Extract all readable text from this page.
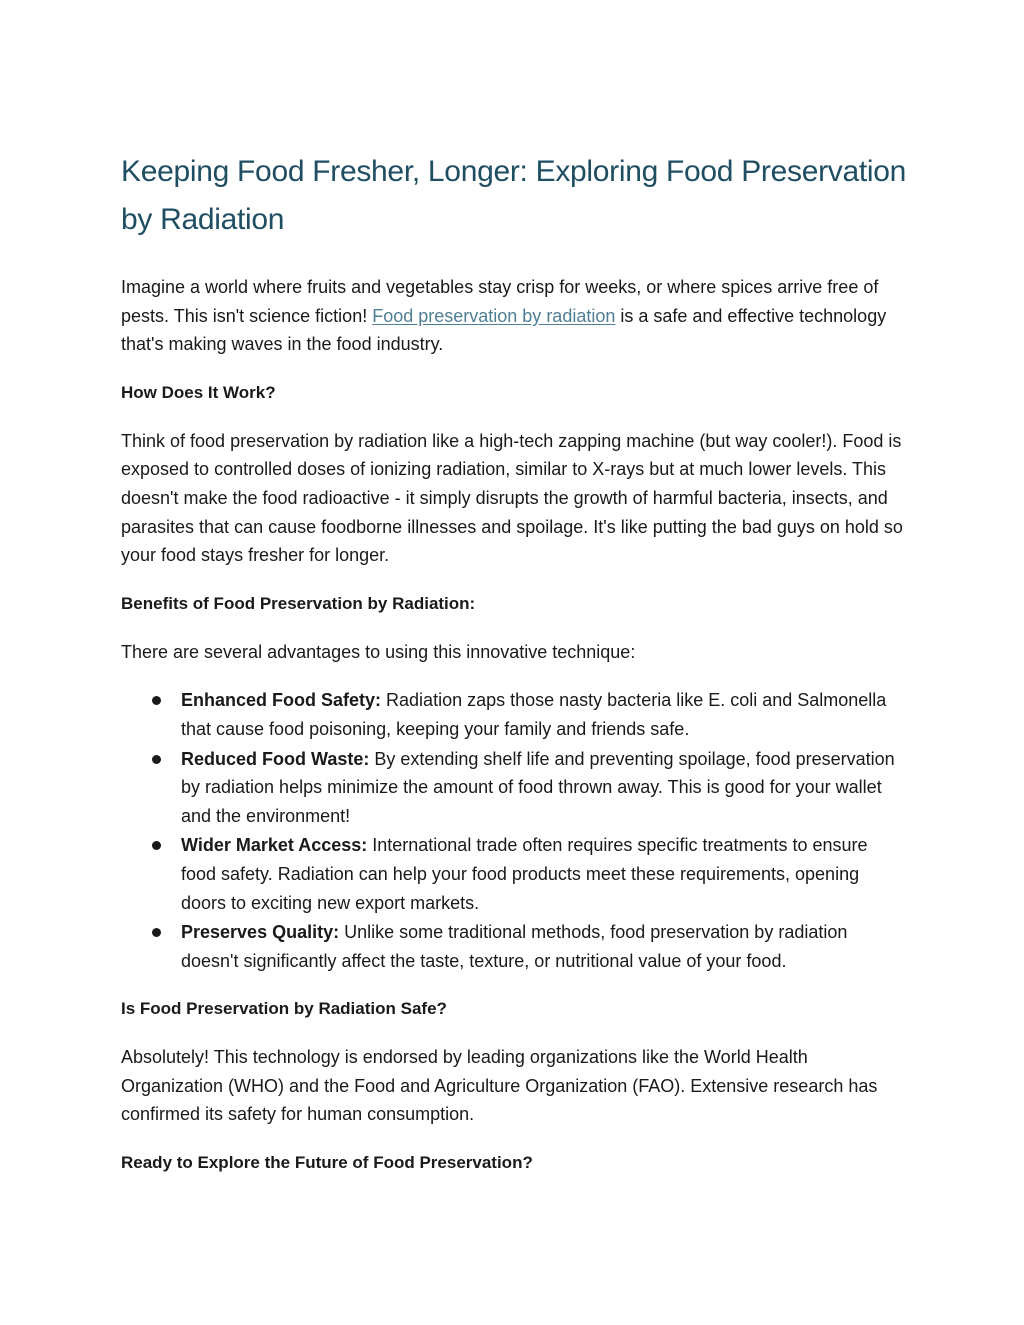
Keeping Food Fresher, Longer: Exploring Food Preservation by Radiation

Imagine a world where fruits and vegetables stay crisp for weeks, or where spices arrive free of pests. This isn't science fiction! Food preservation by radiation is a safe and effective technology that's making waves in the food industry.

How Does It Work?

Think of food preservation by radiation like a high-tech zapping machine (but way cooler!). Food is exposed to controlled doses of ionizing radiation, similar to X-rays but at much lower levels. This doesn't make the food radioactive - it simply disrupts the growth of harmful bacteria, insects, and parasites that can cause foodborne illnesses and spoilage. It's like putting the bad guys on hold so your food stays fresher for longer.

Benefits of Food Preservation by Radiation:

There are several advantages to using this innovative technique:

Enhanced Food Safety: Radiation zaps those nasty bacteria like E. coli and Salmonella that cause food poisoning, keeping your family and friends safe.
Reduced Food Waste: By extending shelf life and preventing spoilage, food preservation by radiation helps minimize the amount of food thrown away. This is good for your wallet and the environment!
Wider Market Access: International trade often requires specific treatments to ensure food safety. Radiation can help your food products meet these requirements, opening doors to exciting new export markets.
Preserves Quality: Unlike some traditional methods, food preservation by radiation doesn't significantly affect the taste, texture, or nutritional value of your food.

Is Food Preservation by Radiation Safe?

Absolutely! This technology is endorsed by leading organizations like the World Health Organization (WHO) and the Food and Agriculture Organization (FAO). Extensive research has confirmed its safety for human consumption.

Ready to Explore the Future of Food Preservation?
